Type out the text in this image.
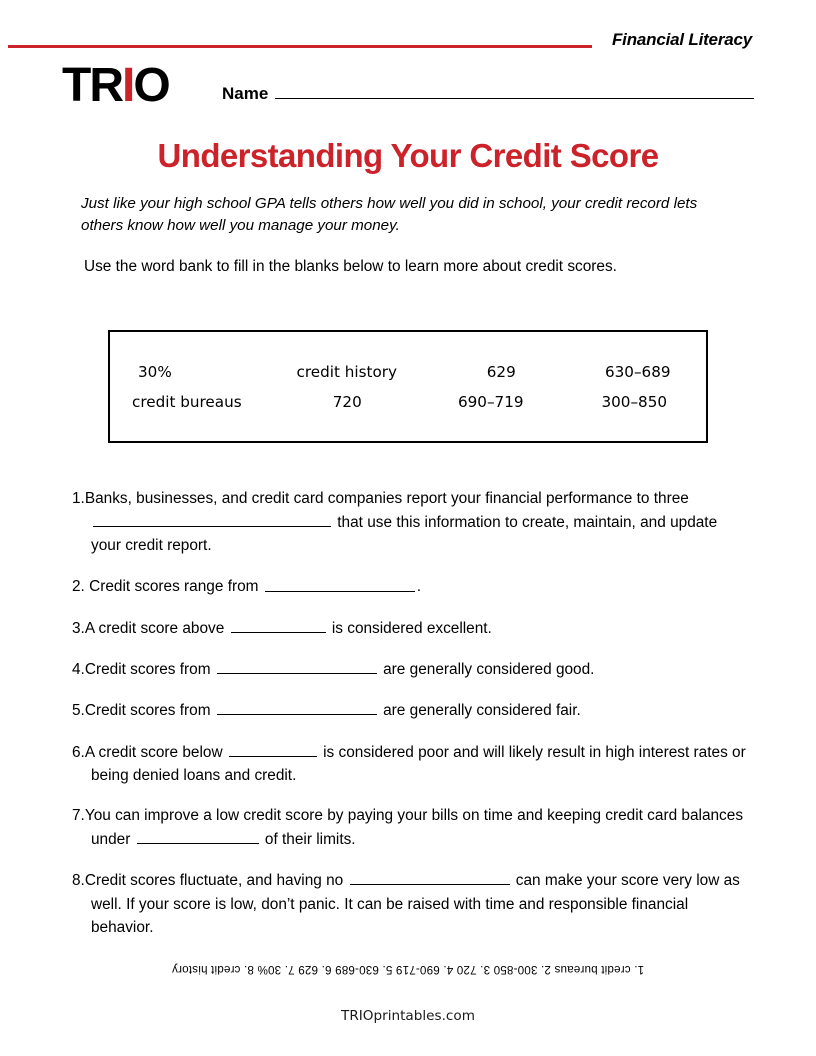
Financial Literacy
TRIO	Name
Understanding Your Credit Score
Just like your high school GPA tells others how well you did in school, your credit record lets others know how well you manage your money.
Use the word bank to fill in the blanks below to learn more about credit scores.
30%	credit history	629	630–689
credit bureaus	720	690–719	300–850
1.Banks, businesses, and credit card companies report your financial performance to three  that use this information to create, maintain, and update your credit report.
2. Credit scores range from	.
3.A credit score above	is considered excellent.
4.Credit scores from	are generally considered good.
5.Credit scores from	are generally considered fair.
6.A credit score below	is considered poor and will likely result in high interest rates or being denied loans and credit.
7.You can improve a low credit score by paying your bills on time and keeping credit card balances under	of their limits.
8.Credit scores fluctuate, and having no	can make your score very low as well. If your score is low, don’t panic. It can be raised with time and responsible financial behavior.
1. credit bureaus 2. 300-850 3. 720 4. 690-719 5. 630-689 6. 629 7. 30% 8. credit history
TRIOprintables.com
